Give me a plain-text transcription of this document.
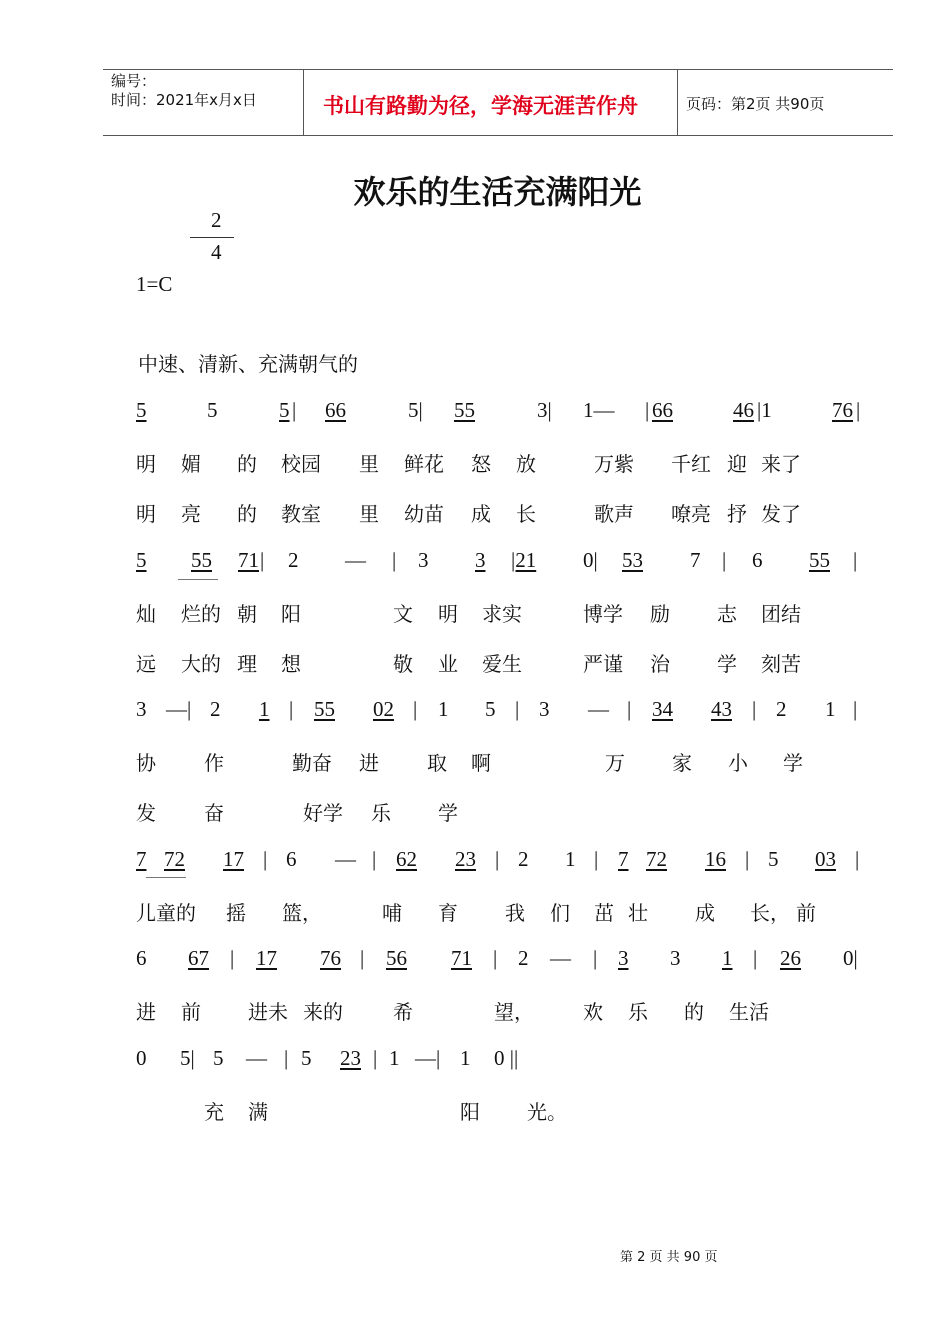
编号：
时间：2021年x月x日	书山有路勤为径，学海无涯苦作舟	页码：第2页 共90页
欢乐的生活充满阳光
2
4
1=C
中速、清新、充满朝气的
5	5	5 | 66	5| 55	3| 1— | 66	46 |1	76 |
明 媚 的 校园 里 鲜花 怒 放	万紫 千红 迎 来了
明 亮 的 教室 里 幼苗 成 长	歌声 嘹亮 抒 发了
5 55 71 | 2 — | 3 3 |21 0| 53 7 | 6 55 |
灿 烂的 朝 阳	文 明 求实	博学 励 志 团结
远 大的 理 想	敬 业 爱生	严谨 治 学 刻苦
3 —| 2 1 | 55 02 | 1 5 | 3 — | 34 43 | 2 1 |
协 作	勤奋 进 取 啊	万 家 小 学
发 奋	好学 乐 学
7 72 17 | 6 — | 62 23 | 2 1 | 7 72 16 | 5 03 |
儿童的 摇 篮，	哺 育 我 们 茁 壮 成 长， 前
6 67 | 17 76 | 56 71 | 2 — | 3 3 1 | 26 0|
进 前 进未 来的	希	望， 欢 乐 的 生活
0 5| 5 — | 5 23 | 1 —| 1 0 ||
充 满	阳 光。
第 2 页 共 90 页
